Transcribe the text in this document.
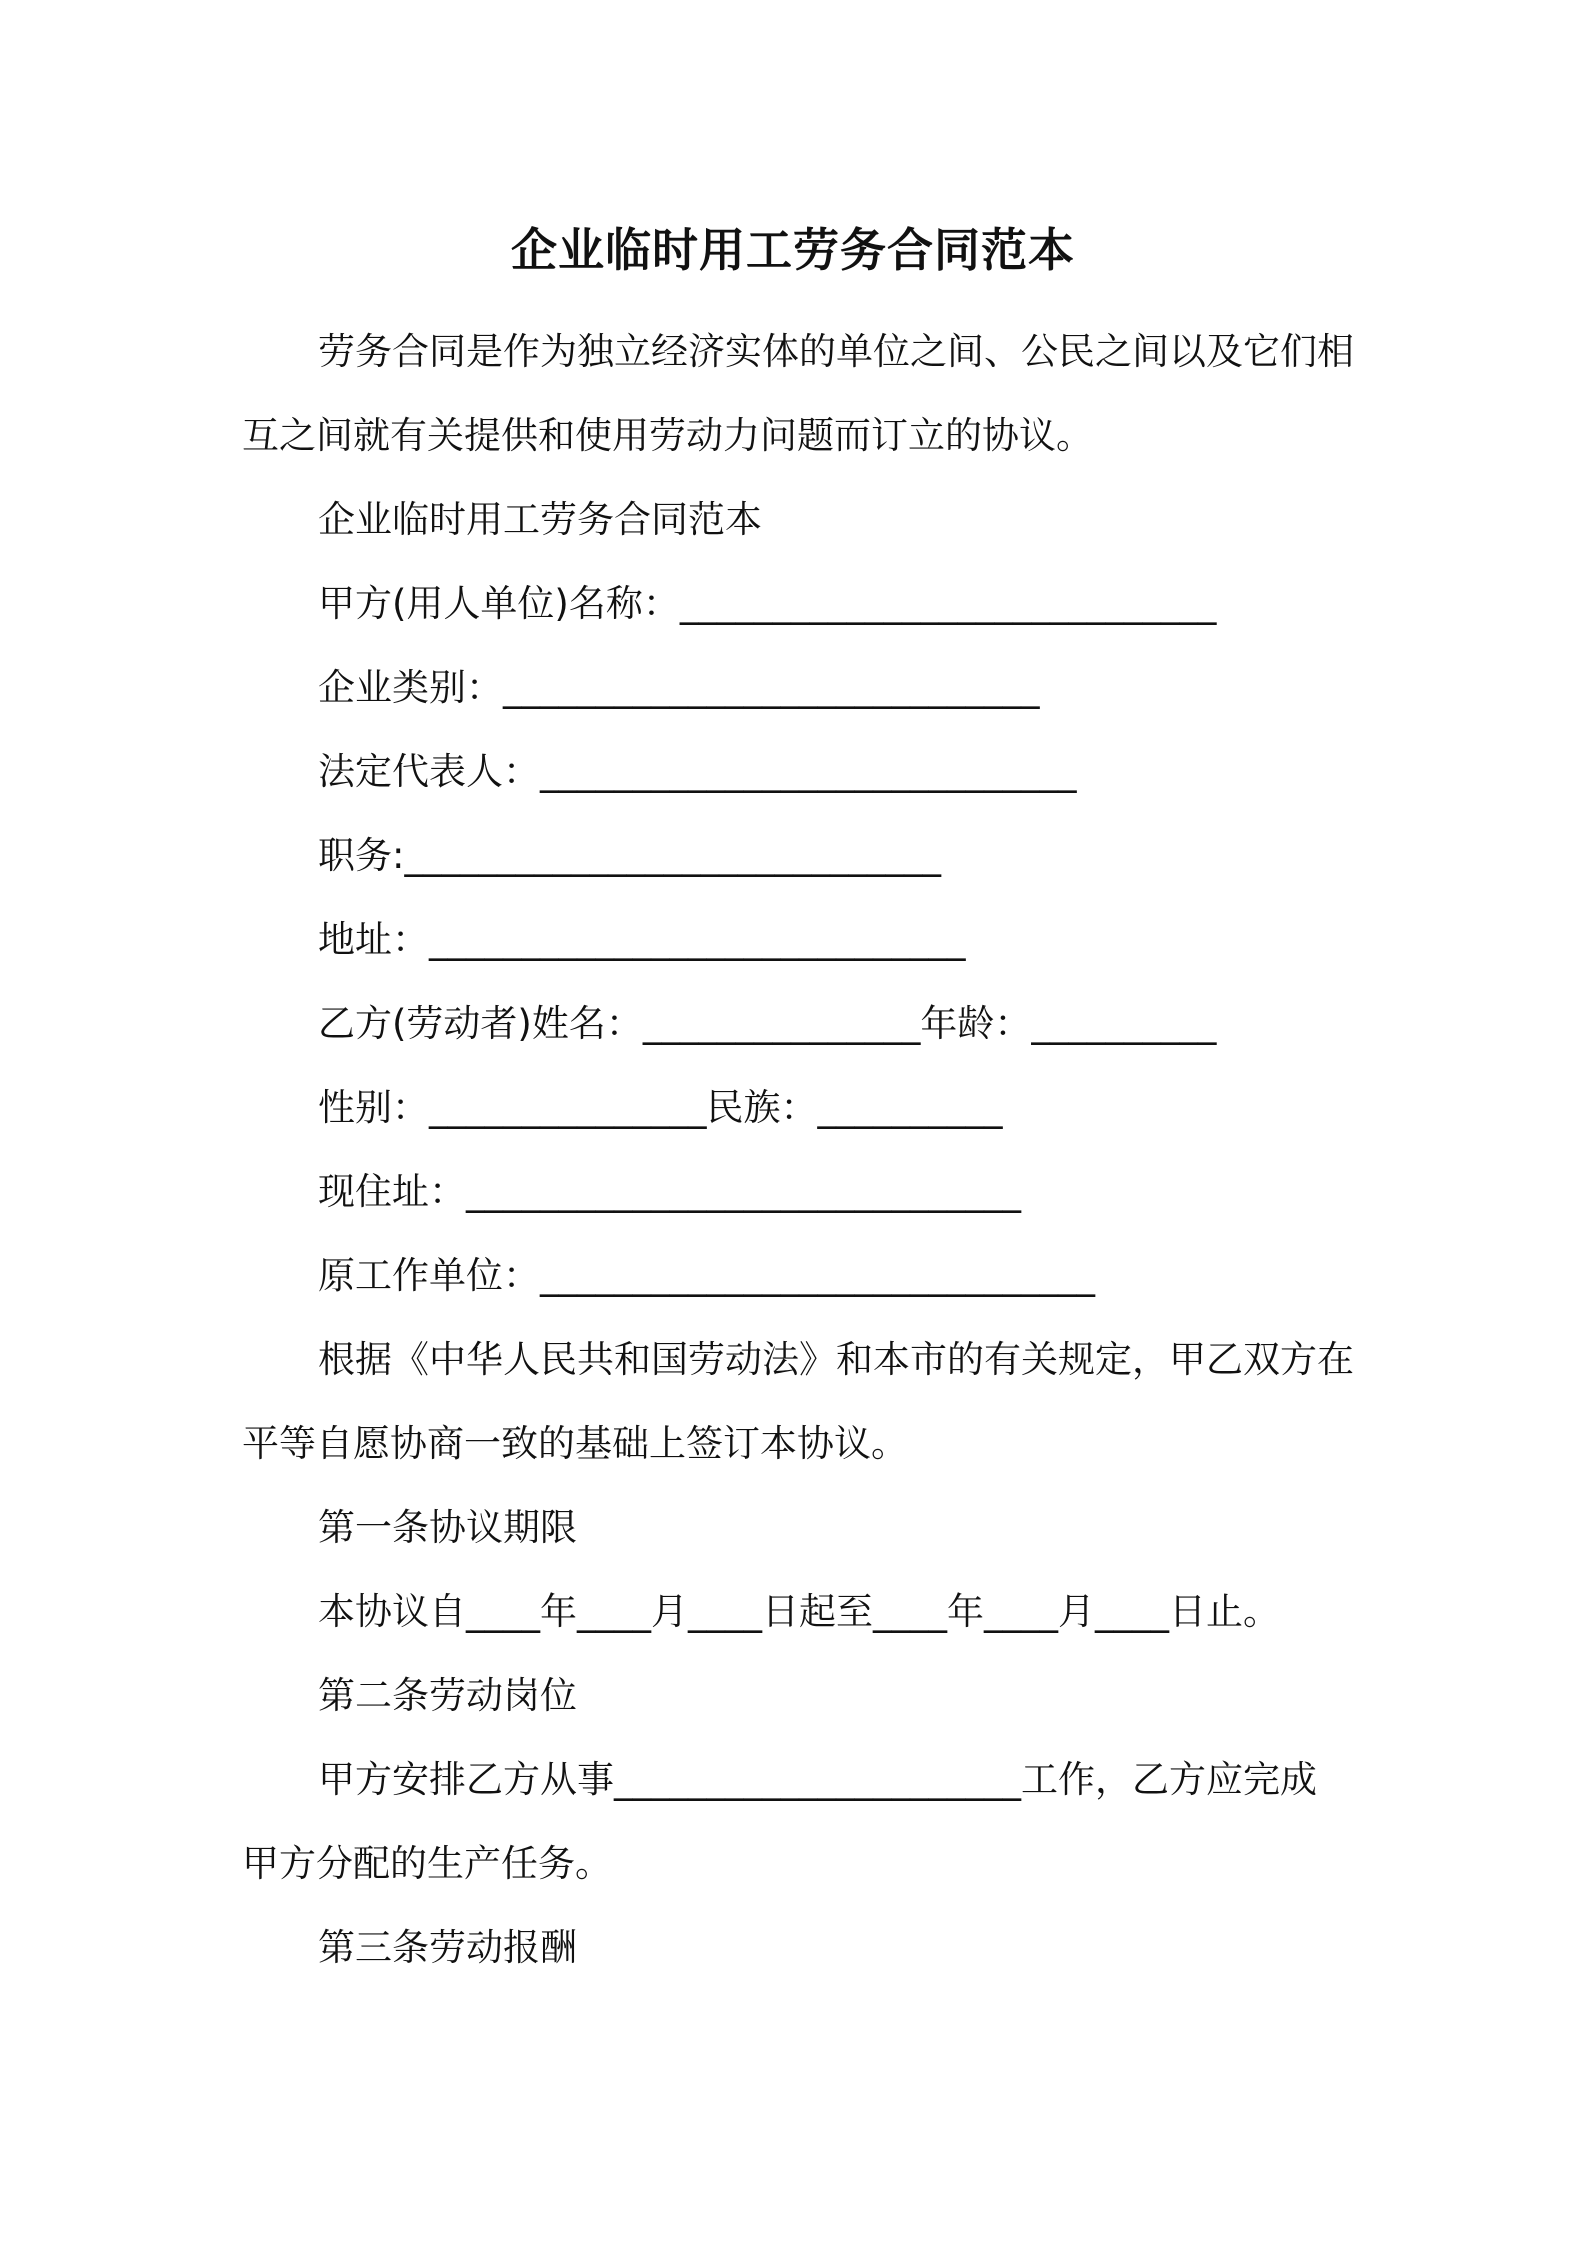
企业临时用工劳务合同范本
劳务合同是作为独立经济实体的单位之间、公民之间以及它们相
互之间就有关提供和使用劳动力问题而订立的协议。
企业临时用工劳务合同范本
甲方(用人单位)名称：_____________________________
企业类别：_____________________________
法定代表人：_____________________________
职务:_____________________________
地址：_____________________________
乙方(劳动者)姓名：_______________年龄：__________
性别：_______________民族：__________
现住址：______________________________
原工作单位：______________________________
根据《中华人民共和国劳动法》和本市的有关规定，甲乙双方在
平等自愿协商一致的基础上签订本协议。
第一条协议期限
本协议自____年____月____日起至____年____月____日止。
第二条劳动岗位
甲方安排乙方从事______________________工作，乙方应完成
甲方分配的生产任务。
第三条劳动报酬
